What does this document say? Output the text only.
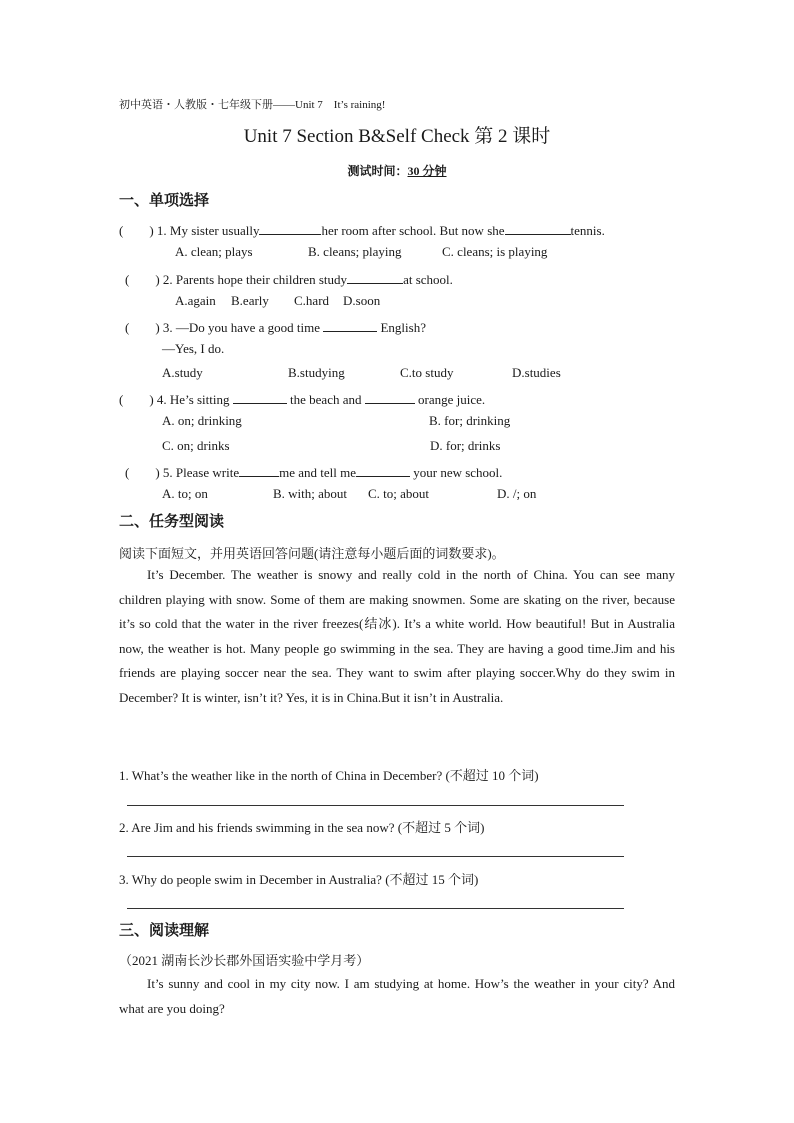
初中英语・人教版・七年级下册——Unit 7　It’s raining!
Unit 7 Section B&Self Check 第 2 课时
测试时间：30 分钟
一、单项选择
(　　) 1. My sister usually	her room after school. But now she	tennis.
A. clean; plays	B. cleans; playing	C. cleans; is playing
(　　) 2. Parents hope their children study	at school.
A.again B.early C.hard D.soon
(　　) 3. —Do you have a good time	English?
—Yes, I do.
A.study	B.studying	C.to study	D.studies
(　　) 4. He’s sitting	the beach and	orange juice.
A. on; drinking	B. for; drinking
C. on; drinks	D. for; drinks
(　　) 5. Please write	me and tell me	your new school.
A. to; on	B. with; about C. to; about	D. /; on
二、任务型阅读
阅读下面短文，并用英语回答问题(请注意每小题后面的词数要求)。

It’s December. The weather is snowy and really cold in the north of China. You can see many children playing with snow. Some of them are making snowmen. Some are skating on the river, because it’s so cold that the water in the river freezes(结冰). It’s a white world. How beautiful! But in Australia now, the weather is hot. Many people go swimming in the sea. They are having a good time.Jim and his friends are playing soccer near the sea. They want to swim after playing soccer.Why do they swim in December? It is winter, isn’t it? Yes, it is in China.But it isn’t in Australia.

1. What’s the weather like in the north of China in December? (不超过 10 个词)
2. Are Jim and his friends swimming in the sea now? (不超过 5 个词)
3. Why do people swim in December in Australia? (不超过 15 个词)
三、阅读理解
（2021 湖南长沙长郡外国语实验中学月考）

It’s sunny and cool in my city now. I am studying at home. How’s the weather in your city? And what are you doing?
